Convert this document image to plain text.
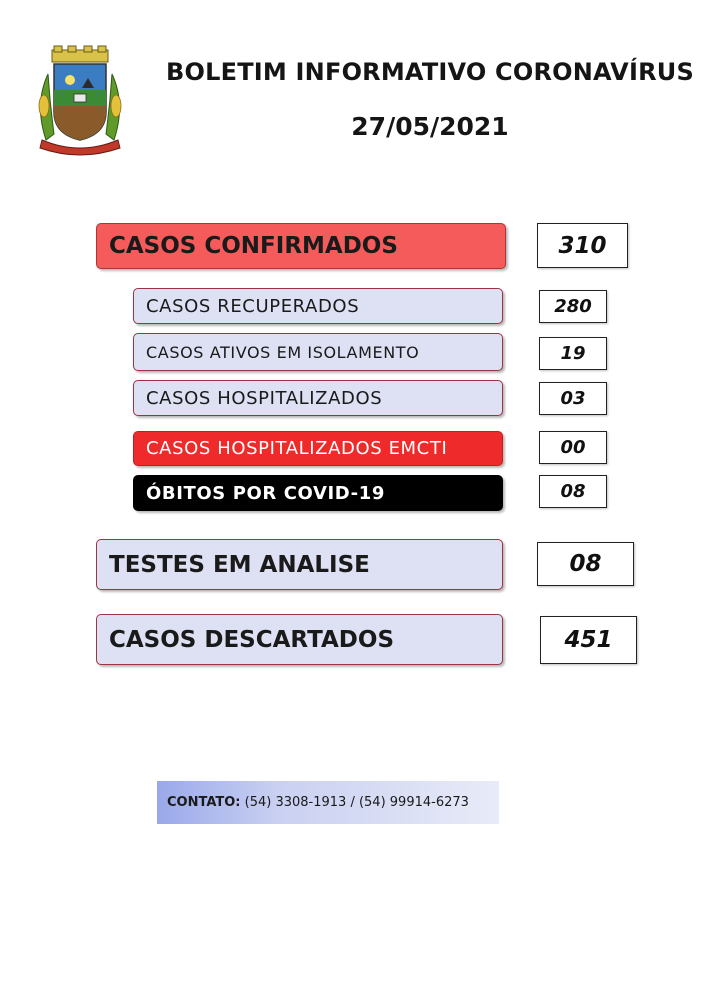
BOLETIM INFORMATIVO CORONAVÍRUS
27/05/2021
CASOS CONFIRMADOS	310
CASOS RECUPERADOS	280
CASOS ATIVOS EM ISOLAMENTO	19
CASOS HOSPITALIZADOS	03
CASOS HOSPITALIZADOS EMCTI	00
ÓBITOS POR COVID-19	08
TESTES EM ANALISE	08
CASOS DESCARTADOS	451
CONTATO:
(54) 3308-1913 / (54) 99914-6273
